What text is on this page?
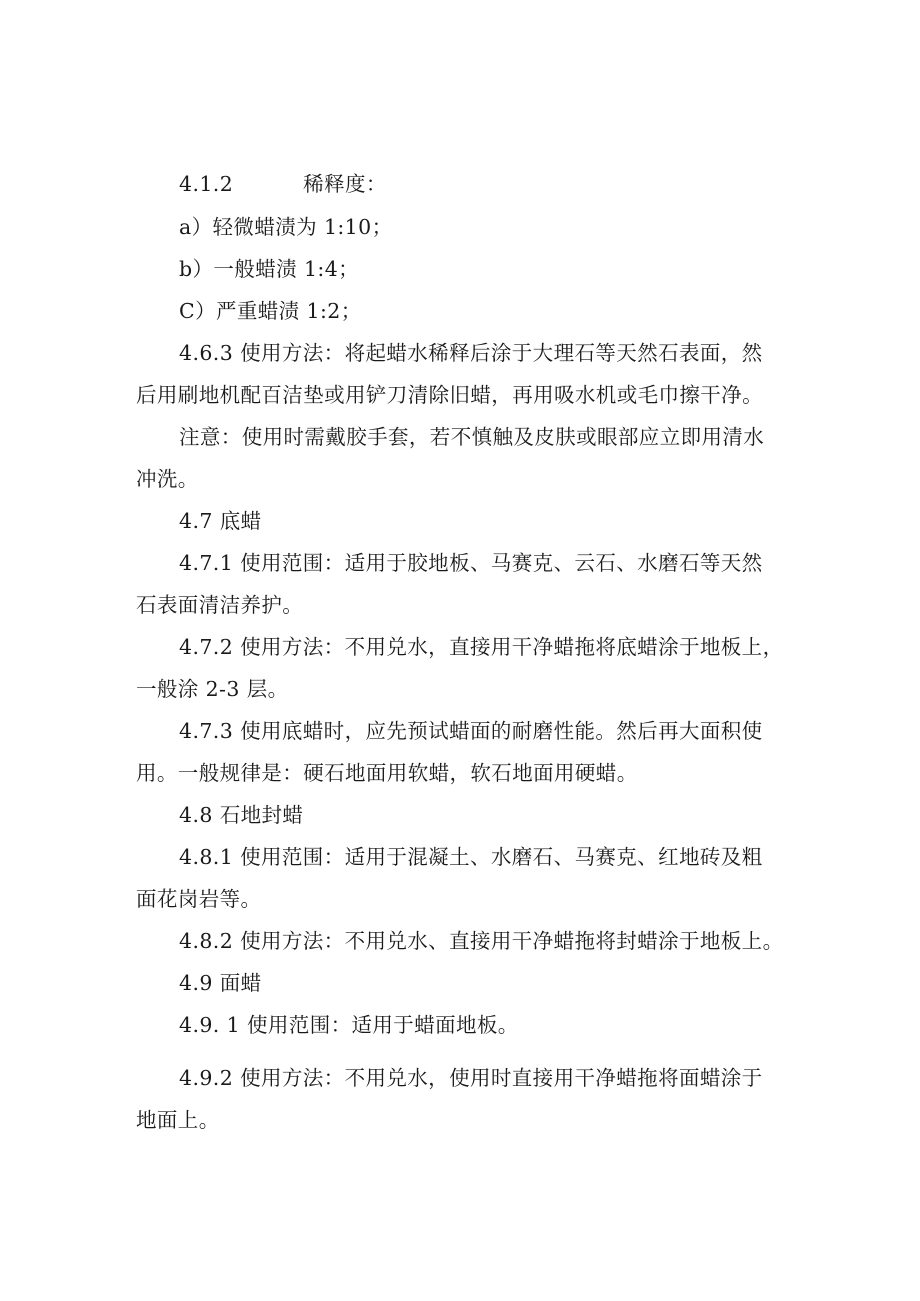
4.1.2	稀释度：
a）轻微蜡渍为 1:10；
b）一般蜡渍 1:4；
C）严重蜡渍 1:2；
4.6.3 使用方法：将起蜡水稀释后涂于大理石等天然石表面，然
后用刷地机配百洁垫或用铲刀清除旧蜡，再用吸水机或毛巾擦干净。
注意：使用时需戴胶手套，若不慎触及皮肤或眼部应立即用清水
冲洗。
4.7 底蜡
4.7.1 使用范围：适用于胶地板、马赛克、云石、水磨石等天然
石表面清洁养护。
4.7.2 使用方法：不用兑水，直接用干净蜡拖将底蜡涂于地板上，
一般涂 2-3 层。
4.7.3 使用底蜡时，应先预试蜡面的耐磨性能。然后再大面积使
用。一般规律是：硬石地面用软蜡，软石地面用硬蜡。
4.8 石地封蜡
4.8.1 使用范围：适用于混凝土、水磨石、马赛克、红地砖及粗
面花岗岩等。
4.8.2 使用方法：不用兑水、直接用干净蜡拖将封蜡涂于地板上。
4.9 面蜡
4.9. 1 使用范围：适用于蜡面地板。
4.9.2 使用方法：不用兑水，使用时直接用干净蜡拖将面蜡涂于
地面上。
